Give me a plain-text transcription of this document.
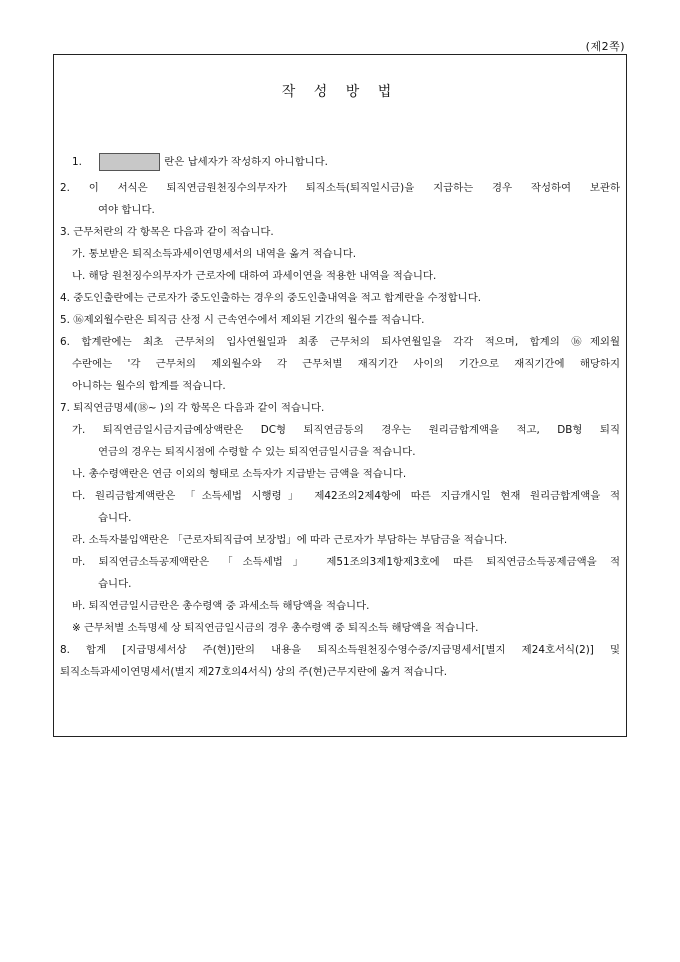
(제2쪽)
작 성 방 법
1.	란은 납세자가 작성하지 아니합니다.
2. 이 서식은 퇴직연금원천징수의무자가 퇴직소득(퇴직일시금)을 지급하는 경우 작성하여 보관하
여야 합니다.
3. 근무처란의 각 항목은 다음과 같이 적습니다.
가. 통보받은 퇴직소득과세이연명세서의 내역을 옮겨 적습니다.
나. 해당 원천징수의무자가 근로자에 대하여 과세이연을 적용한 내역을 적습니다.
4. 중도인출란에는 근로자가 중도인출하는 경우의 중도인출내역을 적고 합계란을 수정합니다.
5. ⑯제외월수란은 퇴직금 산정 시 근속연수에서 제외된 기간의 월수를 적습니다.
6. 합계란에는 최초 근무처의 입사연월일과 최종 근무처의 퇴사연월일을 각각 적으며, 합계의 ⑯제외월
수란에는 '각 근무처의 제외월수와 각 근무처별 재직기간 사이의 기간으로 재직기간에 해당하지
아니하는 월수의 합계를 적습니다.
7. 퇴직연금명세(⑱~ )의 각 항목은 다음과 같이 적습니다.
가. 퇴직연금일시금지급예상액란은 DC형 퇴직연금등의 경우는 원리금합계액을 적고, DB형 퇴직
연금의 경우는 퇴직시점에 수령할 수 있는 퇴직연금일시금을 적습니다.
나. 총수령액란은 연금 이외의 형태로 소득자가 지급받는 금액을 적습니다.
다. 원리금합계액란은 「소득세법 시행령」 제42조의2제4항에 따른 지급개시일 현재 원리금합계액을 적
습니다.
라. 소득자불입액란은 「근로자퇴직급여 보장법」에 따라 근로자가 부담하는 부담금을 적습니다.
마. 퇴직연금소득공제액란은 「소득세법」 제51조의3제1항제3호에 따른 퇴직연금소득공제금액을 적
습니다.
바. 퇴직연금일시금란은 총수령액 중 과세소득 해당액을 적습니다.
※ 근무처별 소득명세 상 퇴직연금일시금의 경우 총수령액 중 퇴직소득 해당액을 적습니다.
8. 합계 [지급명세서상 주(현)]란의 내용을 퇴직소득원천징수영수증/지급명세서[별지 제24호서식(2)] 및
퇴직소득과세이연명세서(별지 제27호의4서식) 상의 주(현)근무지란에 옮겨 적습니다.
